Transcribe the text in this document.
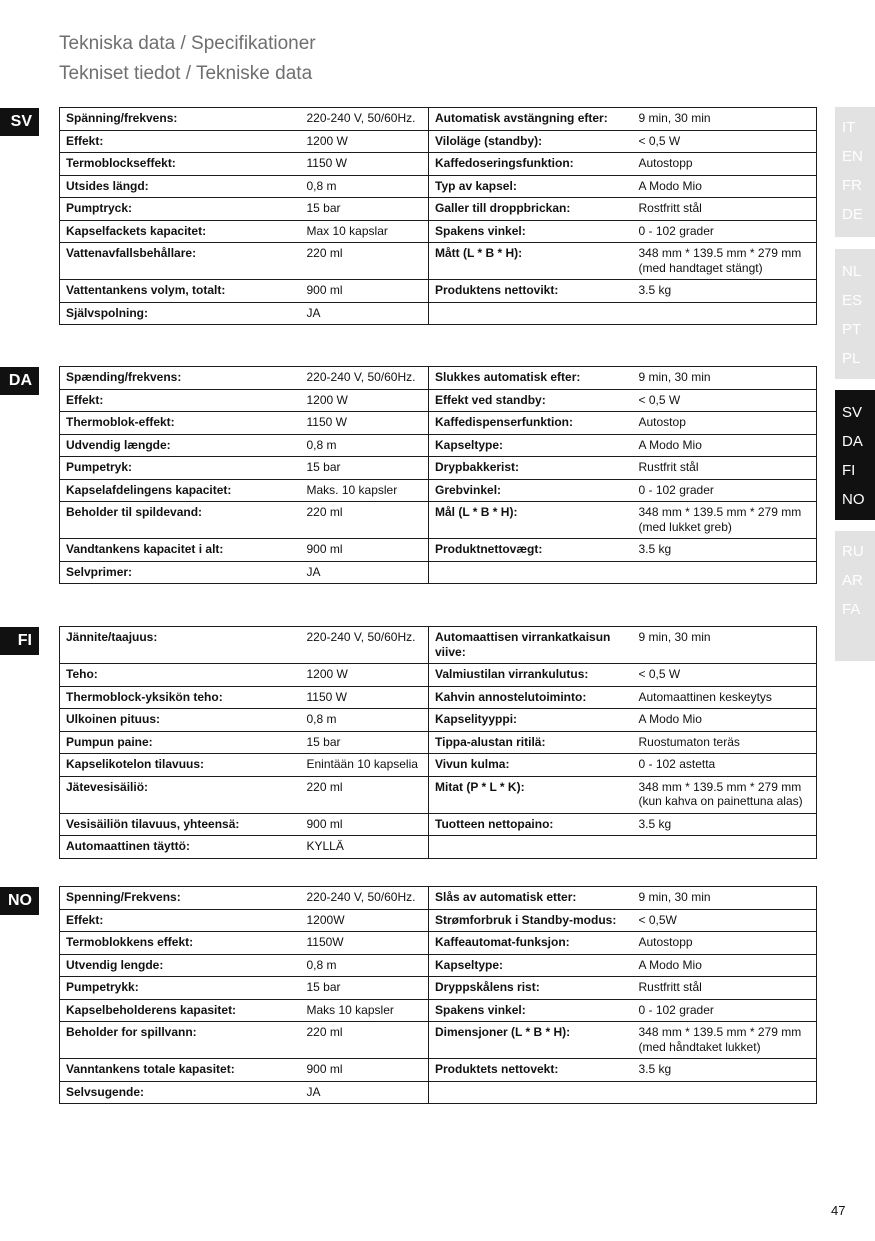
Tekniska data / Specifikationer
Tekniset tiedot / Tekniske data
SV	Spänning/frekvens:	220-240 V, 50/60Hz.	Automatisk avstängning efter:	9 min, 30 min
Effekt:	1200 W	Viloläge (standby):	< 0,5 W
Termoblockseffekt:	1150 W	Kaffedoseringsfunktion:	Autostopp
Utsides längd:	0,8 m	Typ av kapsel:	A Modo Mio
Pumptryck:	15 bar	Galler till droppbrickan:	Rostfritt stål
Kapselfackets kapacitet:	Max 10 kapslar	Spakens vinkel:	0 - 102 grader
Vattenavfallsbehållare:	220 ml	Mått (L * B * H):	348 mm * 139.5 mm * 279 mm (med handtaget stängt)
Vattentankens volym, totalt:	900 ml	Produktens nettovikt:	3.5 kg
Självspolning:	JA		
DA	Spænding/frekvens:	220-240 V, 50/60Hz.	Slukkes automatisk efter:	9 min, 30 min
Effekt:	1200 W	Effekt ved standby:	< 0,5 W
Thermoblok-effekt:	1150 W	Kaffedispenserfunktion:	Autostop
Udvendig længde:	0,8 m	Kapseltype:	A Modo Mio
Pumpetryk:	15 bar	Drypbakkerist:	Rustfrit stål
Kapselafdelingens kapacitet:	Maks. 10 kapsler	Grebvinkel:	0 - 102 grader
Beholder til spildevand:	220 ml	Mål (L * B * H):	348 mm * 139.5 mm * 279 mm (med lukket greb)
Vandtankens kapacitet i alt:	900 ml	Produktnettovægt:	3.5 kg
Selvprimer:	JA		
FI	Jännite/taajuus:	220-240 V, 50/60Hz.	Automaattisen virrankatkaisun viive:	9 min, 30 min
Teho:	1200 W	Valmiustilan virrankulutus:	< 0,5 W
Thermoblock-yksikön teho:	1150 W	Kahvin annostelutoiminto:	Automaattinen keskeytys
Ulkoinen pituus:	0,8 m	Kapselityyppi:	A Modo Mio
Pumpun paine:	15 bar	Tippa-alustan ritilä:	Ruostumaton teräs
Kapselikotelon tilavuus:	Enintään 10 kapselia	Vivun kulma:	0 - 102 astetta
Jätevesisäiliö:	220 ml	Mitat (P * L * K):	348 mm * 139.5 mm * 279 mm (kun kahva on painettuna alas)
Vesisäiliön tilavuus, yhteensä:	900 ml	Tuotteen nettopaino:	3.5 kg
Automaattinen täyttö:	KYLLÄ		
NO	Spenning/Frekvens:	220-240 V, 50/60Hz.	Slås av automatisk etter:	9 min, 30 min
Effekt:	1200W	Strømforbruk i Standby-modus:	< 0,5W
Termoblokkens effekt:	1150W	Kaffeautomat-funksjon:	Autostopp
Utvendig lengde:	0,8 m	Kapseltype:	A Modo Mio
Pumpetrykk:	15 bar	Dryppskålens rist:	Rustfritt stål
Kapselbeholderens kapasitet:	Maks 10 kapsler	Spakens vinkel:	0 - 102 grader
Beholder for spillvann:	220 ml	Dimensjoner (L * B * H):	348 mm * 139.5 mm * 279 mm (med håndtaket lukket)
Vanntankens totale kapasitet:	900 ml	Produktets nettovekt:	3.5 kg
Selvsugende:	JA		
IT
EN
FR
DE
NL
ES
PT
PL
SV
DA
FI
NO
RU
AR
FA
47
